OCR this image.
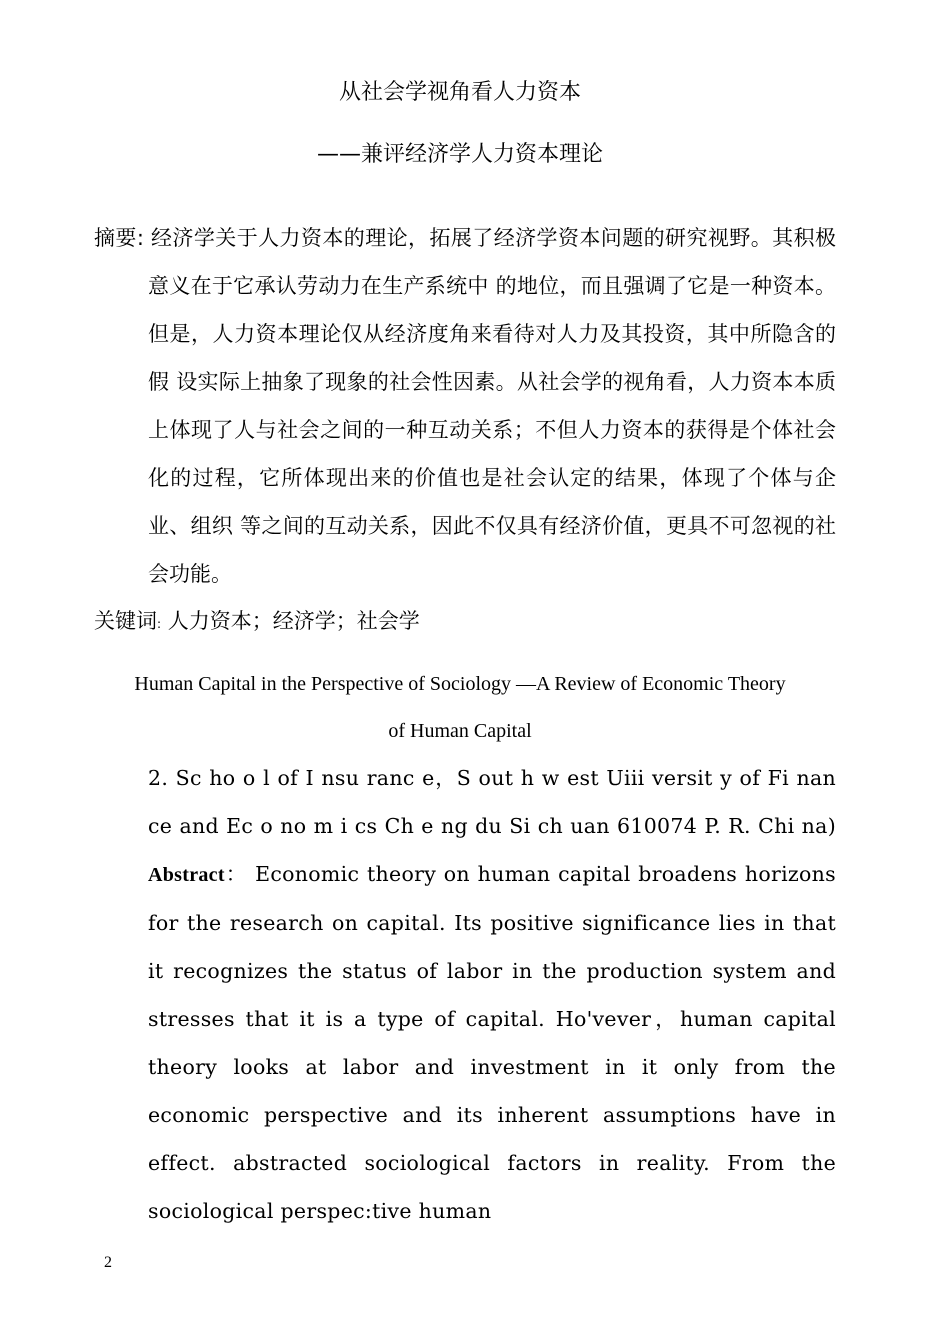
从社会学视角看人力资本
——兼评经济学人力资本理论
摘要: 经济学关于人力资本的理论，拓展了经济学资本问题的研究视野。其积极意义在于它承认劳动力在生产系统中 的地位，而且强调了它是一种资本。但是，人力资本理论仅从经济度角来看待对人力及其投资，其中所隐含的假 设实际上抽象了现象的社会性因素。从社会学的视角看，人力资本本质上体现了人与社会之间的一种互动关系；不但人力资本的获得是个体社会化的过程，它所体现出来的价值也是社会认定的结果，体现了个体与企业、组织 等之间的互动关系，因此不仅具有经济价值，更具不可忽视的社会功能。
关键词: 人力资本；经济学；社会学
Human Capital in the Perspective of Sociology —A Review of Economic Theory
of Human Capital
2. Sc ho o l of I nsu ranc e，S out h w est Uiii versit y of Fi nan ce and Ec o no m i cs Ch e ng du Si ch uan 610074 P. R. Chi na) Abstract： Economic theory on human capital broadens horizons for the research on capital. Its positive significance lies in that it recognizes the status of labor in the production system and stresses that it is a type of capital. Ho'vever，human capital theory looks at labor and investment in it only from the economic perspective and its inherent assumptions have in effect. abstracted sociological factors in reality. From the sociological perspec:tive human
2
